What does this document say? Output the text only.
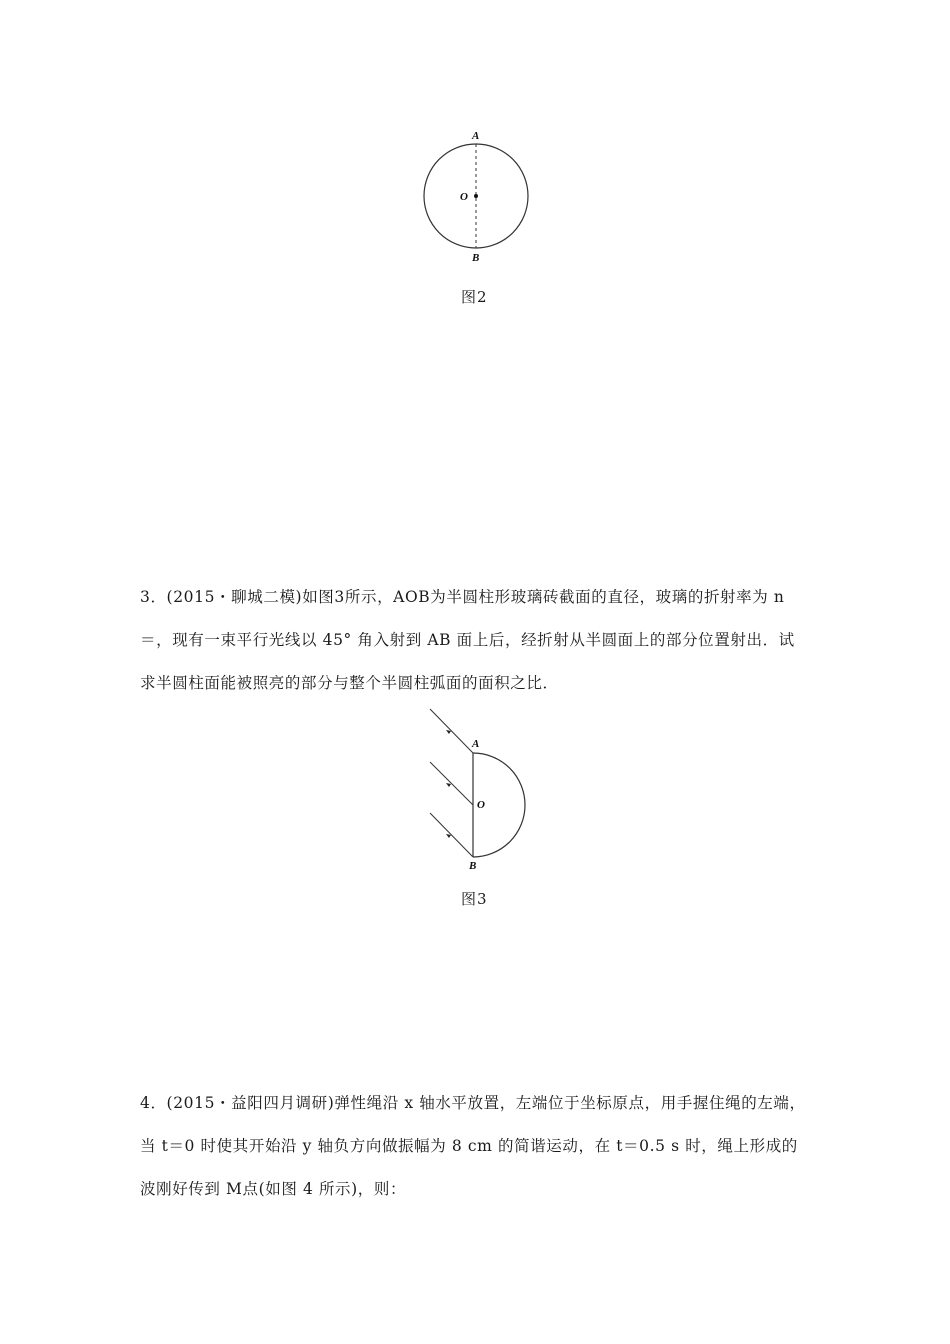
A
O
B
图2
3．(2015・聊城二模)如图3所示，AOB为半圆柱形玻璃砖截面的直径，玻璃的折射率为 n
＝，现有一束平行光线以 45° 角入射到 AB 面上后，经折射从半圆面上的部分位置射出．试
求半圆柱面能被照亮的部分与整个半圆柱弧面的面积之比．
A
O
B
图3
4．(2015・益阳四月调研)弹性绳沿 x 轴水平放置，左端位于坐标原点，用手握住绳的左端，
当 t＝0 时使其开始沿 y 轴负方向做振幅为 8 cm 的简谐运动，在 t＝0.5 s 时，绳上形成的
波刚好传到 M点(如图 4 所示)，则：
